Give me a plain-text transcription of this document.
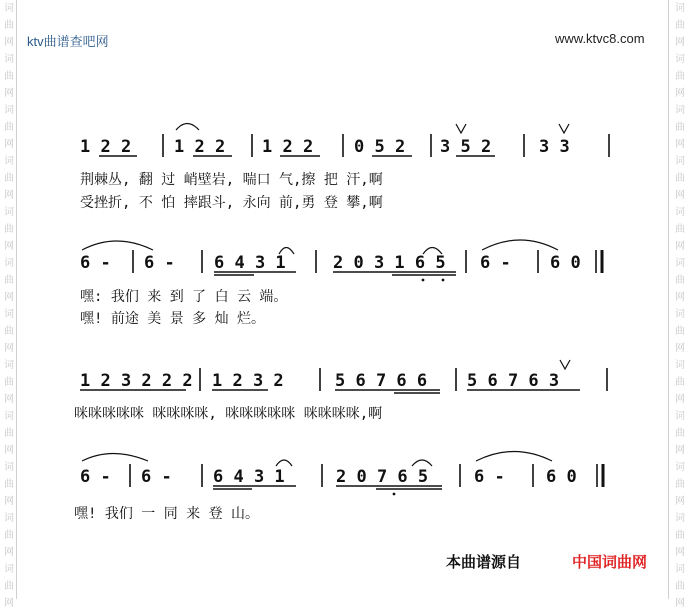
词曲网词曲网词曲网词曲网词曲网词曲网词曲网词曲网词曲网词曲网词曲网词曲网
词曲网词曲网词曲网词曲网词曲网词曲网词曲网词曲网词曲网词曲网词曲网词曲网
ktv曲谱查吧网	www.ktvc8.com
1 2 2	1 2 2 1 2 2 0 5 2 3 5 2	3 3
荆棘丛, 翻 过 峭壁岩, 喘口 气,擦 把 汗,啊
受挫折, 不 怕 摔跟斗, 永向 前,勇 登 攀,啊
6 - 6 - 6 4 3 1	2 0 3 1 6 5 6 - 6 0
嘿: 我们 来 到 了 白 云 端。
嘿! 前途 美 景 多 灿 烂。
1 2 3 2 2 2 1 2 3 2	5 6 7 6 6 5 6 7 6 3
咪咪咪咪咪 咪咪咪咪, 咪咪咪咪咪 咪咪咪咪,啊
6 - 6 - 6 4 3 1	2 0 7 6 5	6 - 6 0
嘿! 我们 一 同 来 登 山。
本曲谱源自	中国词曲网
